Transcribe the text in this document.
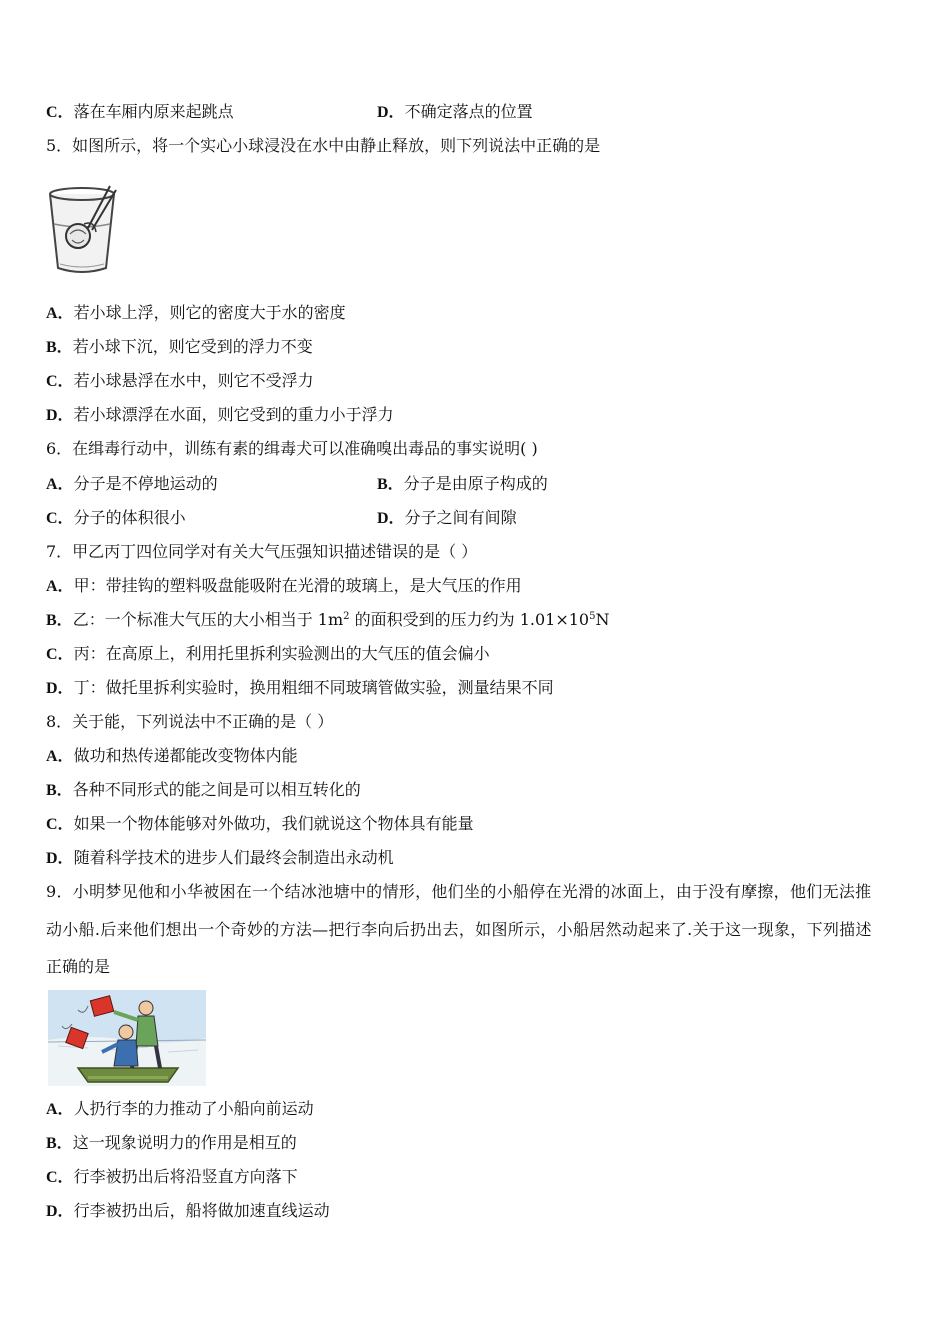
C．落在车厢内原来起跳点	D．不确定落点的位置
5．如图所示，将一个实心小球浸没在水中由静止释放，则下列说法中正确的是
A．若小球上浮，则它的密度大于水的密度
B．若小球下沉，则它受到的浮力不变
C．若小球悬浮在水中，则它不受浮力
D．若小球漂浮在水面，则它受到的重力小于浮力
6．在缉毒行动中，训练有素的缉毒犬可以准确嗅出毒品的事实说明( )
A．分子是不停地运动的	B．分子是由原子构成的
C．分子的体积很小	D．分子之间有间隙
7．甲乙丙丁四位同学对有关大气压强知识描述错误的是（ ）
A．甲：带挂钩的塑料吸盘能吸附在光滑的玻璃上，是大气压的作用
B．乙：一个标准大气压的大小相当于 $1m^2$ 的面积受到的压力约为 $1.01\times 10^5N$
C．丙：在高原上，利用托里拆利实验测出的大气压的值会偏小
D．丁：做托里拆利实验时，换用粗细不同玻璃管做实验，测量结果不同
8．关于能，下列说法中不正确的是（ ）
A．做功和热传递都能改变物体内能
B．各种不同形式的能之间是可以相互转化的
C．如果一个物体能够对外做功，我们就说这个物体具有能量
D．随着科学技术的进步人们最终会制造出永动机
9．小明梦见他和小华被困在一个结冰池塘中的情形，他们坐的小船停在光滑的冰面上，由于没有摩擦，他们无法推
动小船.后来他们想出一个奇妙的方法—把行李向后扔出去，如图所示，小船居然动起来了.关于这一现象，下列描述
正确的是
A．人扔行李的力推动了小船向前运动
B．这一现象说明力的作用是相互的
C．行李被扔出后将沿竖直方向落下
D．行李被扔出后，船将做加速直线运动
